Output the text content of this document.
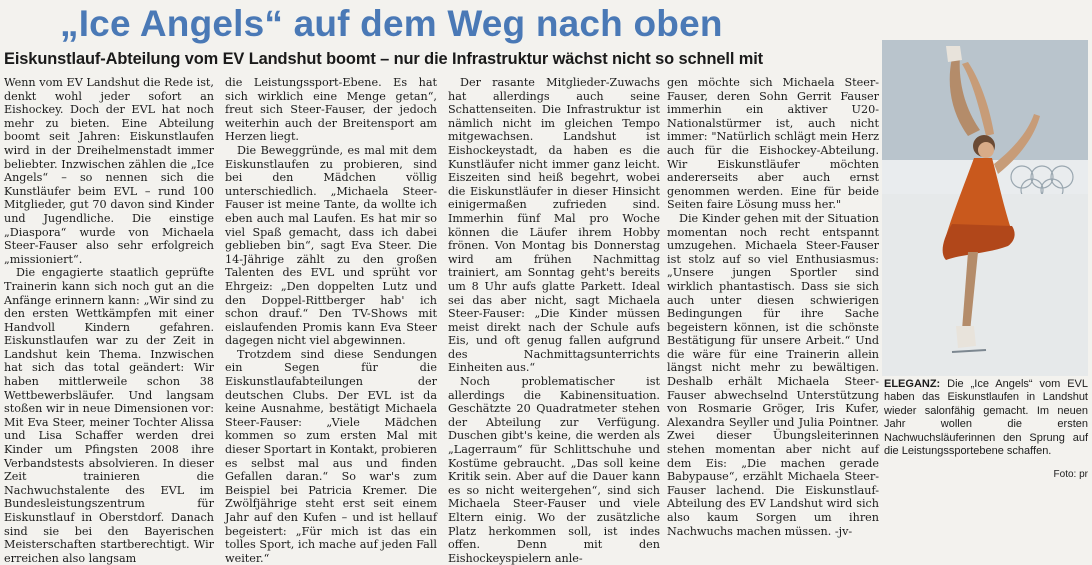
„Ice Angels“ auf dem Weg nach oben
Eiskunstlauf-Abteilung vom EV Landshut boomt – nur die Infrastruktur wächst nicht so schnell mit

Wenn vom EV Landshut die Rede ist, denkt wohl jeder sofort an Eishockey. Doch der EVL hat noch mehr zu bieten. Eine Abteilung boomt seit Jahren: Eiskunstlaufen wird in der Dreihelmenstadt immer beliebter. Inzwischen zählen die „Ice Angels“ – so nennen sich die Kunstläufer beim EVL – rund 100 Mitglieder, gut 70 davon sind Kinder und Jugendliche. Die einstige „Diaspora“ wurde von Michaela Steer-Fauser also sehr erfolgreich „missioniert“.

Die engagierte staatlich geprüfte Trainerin kann sich noch gut an die Anfänge erinnern kann: „Wir sind zu den ersten Wettkämpfen mit einer Handvoll Kindern gefahren. Eiskunstlaufen war zu der Zeit in Landshut kein Thema. Inzwischen hat sich das total geändert: Wir haben mittlerweile schon 38 Wettbewerbsläufer. Und langsam stoßen wir in neue Dimensionen vor: Mit Eva Steer, meiner Tochter Alissa und Lisa Schaffer werden drei Kinder um Pfingsten 2008 ihre Verbandstests absolvieren. In dieser Zeit trainieren die Nachwuchstalente des EVL im Bundesleistungszentrum für Eiskunstlauf in Oberstdorf. Danach sind sie bei den Bayerischen Meisterschaften startberechtigt. Wir erreichen also langsam

die Leistungssport-Ebene. Es hat sich wirklich eine Menge getan“, freut sich Steer-Fauser, der jedoch weiterhin auch der Breitensport am Herzen liegt.

Die Beweggründe, es mal mit dem Eiskunstlaufen zu probieren, sind bei den Mädchen völlig unterschiedlich. „Michaela Steer-Fauser ist meine Tante, da wollte ich eben auch mal Laufen. Es hat mir so viel Spaß gemacht, dass ich dabei geblieben bin“, sagt Eva Steer. Die 14-Jährige zählt zu den großen Talenten des EVL und sprüht vor Ehrgeiz: „Den doppelten Lutz und den Doppel-Rittberger hab' ich schon drauf.“ Den TV-Shows mit eislaufenden Promis kann Eva Steer dagegen nicht viel abgewinnen.

Trotzdem sind diese Sendungen ein Segen für die Eiskunstlaufabteilungen der deutschen Clubs. Der EVL ist da keine Ausnahme, bestätigt Michaela Steer-Fauser: „Viele Mädchen kommen so zum ersten Mal mit dieser Sportart in Kontakt, probieren es selbst mal aus und finden Gefallen daran.“ So war's zum Beispiel bei Patricia Kremer. Die Zwölfjährige steht erst seit einem Jahr auf den Kufen – und ist hellauf begeistert: „Für mich ist das ein tolles Sport, ich mache auf jeden Fall weiter.“

Der rasante Mitglieder-Zuwachs hat allerdings auch seine Schattenseiten. Die Infrastruktur ist nämlich nicht im gleichen Tempo mitgewachsen. Landshut ist Eishockeystadt, da haben es die Kunstläufer nicht immer ganz leicht. Eiszeiten sind heiß begehrt, wobei die Eiskunstläufer in dieser Hinsicht einigermaßen zufrieden sind. Immerhin fünf Mal pro Woche können die Läufer ihrem Hobby frönen. Von Montag bis Donnerstag wird am frühen Nachmittag trainiert, am Sonntag geht's bereits um 8 Uhr aufs glatte Parkett. Ideal sei das aber nicht, sagt Michaela Steer-Fauser: „Die Kinder müssen meist direkt nach der Schule aufs Eis, und oft genug fallen aufgrund des Nachmittagsunterrichts Einheiten aus.“

Noch problematischer ist allerdings die Kabinensituation. Geschätzte 20 Quadratmeter stehen der Abteilung zur Verfügung. Duschen gibt's keine, die werden als „Lagerraum“ für Schlittschuhe und Kostüme gebraucht. „Das soll keine Kritik sein. Aber auf die Dauer kann es so nicht weitergehen“, sind sich Michaela Steer-Fauser und viele Eltern einig. Wo der zusätzliche Platz herkommen soll, ist indes offen. Denn mit den Eishockeyspielern anle-

gen möchte sich Michaela Steer-Fauser, deren Sohn Gerrit Fauser immerhin ein aktiver U20-Nationalstürmer ist, auch nicht immer: "Natürlich schlägt mein Herz auch für die Eishockey-Abteilung. Wir Eiskunstläufer möchten andererseits aber auch ernst genommen werden. Eine für beide Seiten faire Lösung muss her."

Die Kinder gehen mit der Situation momentan noch recht entspannt umzugehen. Michaela Steer-Fauser ist stolz auf so viel Enthusiasmus: „Unsere jungen Sportler sind wirklich phantastisch. Dass sie sich auch unter diesen schwierigen Bedingungen für ihre Sache begeistern können, ist die schönste Bestätigung für unsere Arbeit.“ Und die wäre für eine Trainerin allein längst nicht mehr zu bewältigen. Deshalb erhält Michaela Steer-Fauser abwechselnd Unterstützung von Rosmarie Gröger, Iris Kufer, Alexandra Seyller und Julia Pointner. Zwei dieser Übungsleiterinnen stehen momentan aber nicht auf dem Eis: „Die machen gerade Babypause“, erzählt Michaela Steer-Fauser lachend. Die Eiskunstlauf-Abteilung des EV Landshut wird sich also kaum Sorgen um ihren Nachwuchs machen müssen. -jv-

ELEGANZ: Die „Ice Angels“ vom EVL haben das Eiskunstlaufen in Landshut wieder salonfähig gemacht. Im neuen Jahr wollen die ersten Nachwuchsläuferinnen den Sprung auf die Leistungssportebene schaffen.
Foto: pr
